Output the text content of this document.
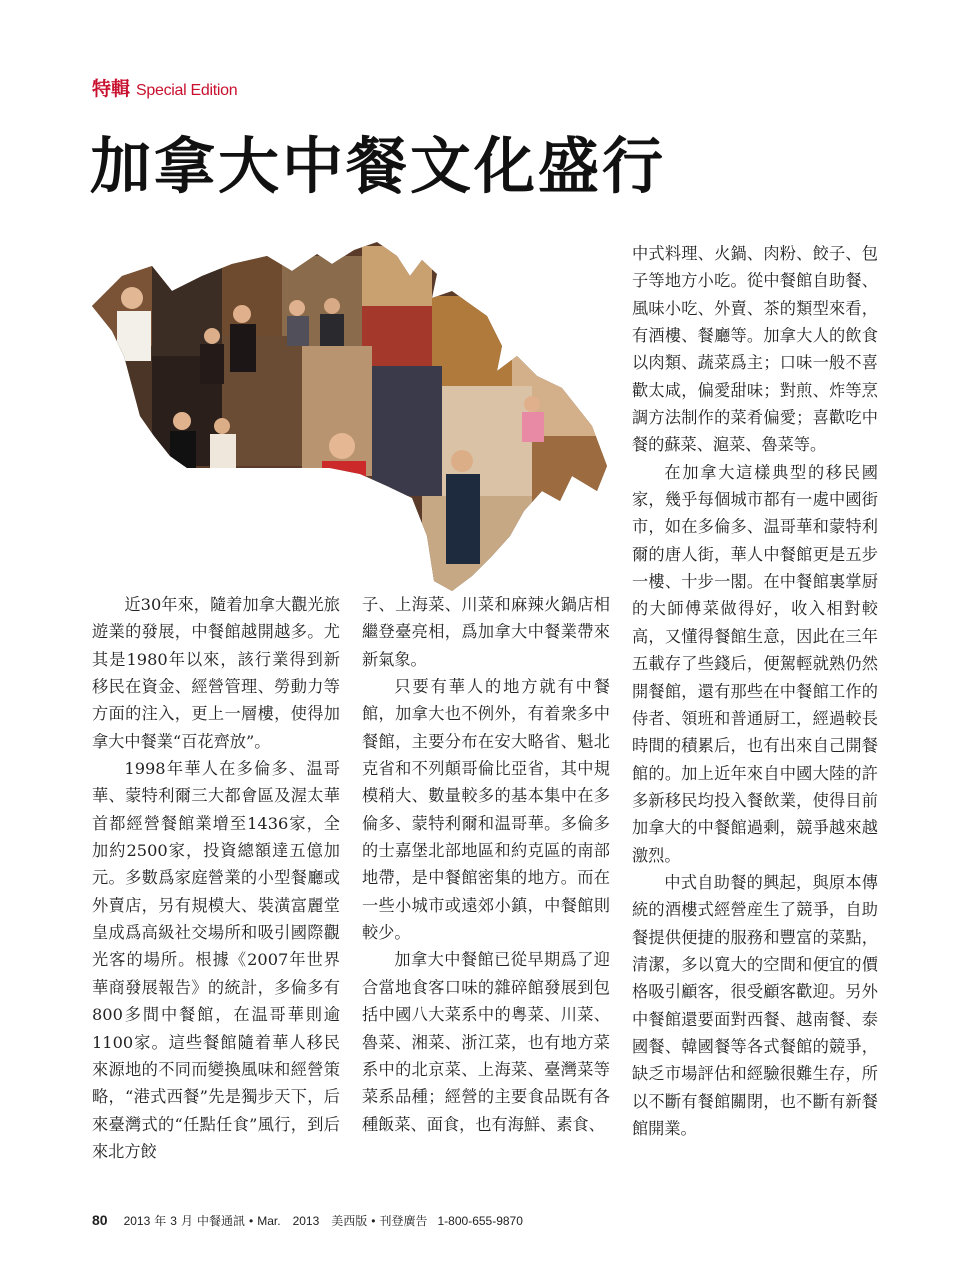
特輯 Special Edition
加拿大中餐文化盛行

近30年來，隨着加拿大觀光旅遊業的發展，中餐館越開越多。尤其是1980年以來，該行業得到新移民在資金、經營管理、勞動力等方面的注入，更上一層樓，使得加拿大中餐業“百花齊放”。

1998年華人在多倫多、温哥華、蒙特利爾三大都會區及渥太華首都經營餐館業增至1436家，全加約2500家，投資總額達五億加元。多數爲家庭營業的小型餐廳或外賣店，另有規模大、裝潢富麗堂皇成爲高級社交場所和吸引國際觀光客的場所。根據《2007年世界華商發展報告》的統計，多倫多有800多間中餐館，在温哥華則逾1100家。這些餐館隨着華人移民來源地的不同而變換風味和經營策略，“港式西餐”先是獨步天下，后來臺灣式的“任點任食”風行，到后來北方餃

子、上海菜、川菜和麻辣火鍋店相繼登臺亮相，爲加拿大中餐業帶來新氣象。

只要有華人的地方就有中餐館，加拿大也不例外，有着衆多中餐館，主要分布在安大略省、魁北克省和不列顛哥倫比亞省，其中規模稍大、數量較多的基本集中在多倫多、蒙特利爾和温哥華。多倫多的士嘉堡北部地區和約克區的南部地帶，是中餐館密集的地方。而在一些小城市或遠郊小鎮，中餐館則較少。

加拿大中餐館已從早期爲了迎合當地食客口味的雜碎館發展到包括中國八大菜系中的粵菜、川菜、魯菜、湘菜、浙江菜，也有地方菜系中的北京菜、上海菜、臺灣菜等菜系品種；經營的主要食品既有各種飯菜、面食，也有海鮮、素食、

中式料理、火鍋、肉粉、餃子、包子等地方小吃。從中餐館自助餐、風味小吃、外賣、茶的類型來看，有酒樓、餐廳等。加拿大人的飲食以肉類、蔬菜爲主；口味一般不喜歡太咸，偏愛甜味；對煎、炸等烹調方法制作的菜肴偏愛；喜歡吃中餐的蘇菜、滬菜、魯菜等。

在加拿大這樣典型的移民國家，幾乎每個城市都有一處中國街市，如在多倫多、温哥華和蒙特利爾的唐人街，華人中餐館更是五步一樓、十步一閣。在中餐館裏掌厨的大師傅菜做得好，收入相對較高，又懂得餐館生意，因此在三年五載存了些錢后，便駕輕就熟仍然開餐館，還有那些在中餐館工作的侍者、領班和普通厨工，經過較長時間的積累后，也有出來自己開餐館的。加上近年來自中國大陸的許多新移民均投入餐飲業，使得目前加拿大的中餐館過剩，競爭越來越激烈。

中式自助餐的興起，與原本傳統的酒樓式經營産生了競爭，自助餐提供便捷的服務和豐富的菜點，清潔，多以寬大的空間和便宜的價格吸引顧客，很受顧客歡迎。另外中餐館還要面對西餐、越南餐、泰國餐、韓國餐等各式餐館的競爭，缺乏市場評估和經驗很難生存，所以不斷有餐館關閉，也不斷有新餐館開業。

80 2013 年 3 月 中餐通訊 • Mar. 2013 美西版 • 刊登廣告 1-800-655-9870
